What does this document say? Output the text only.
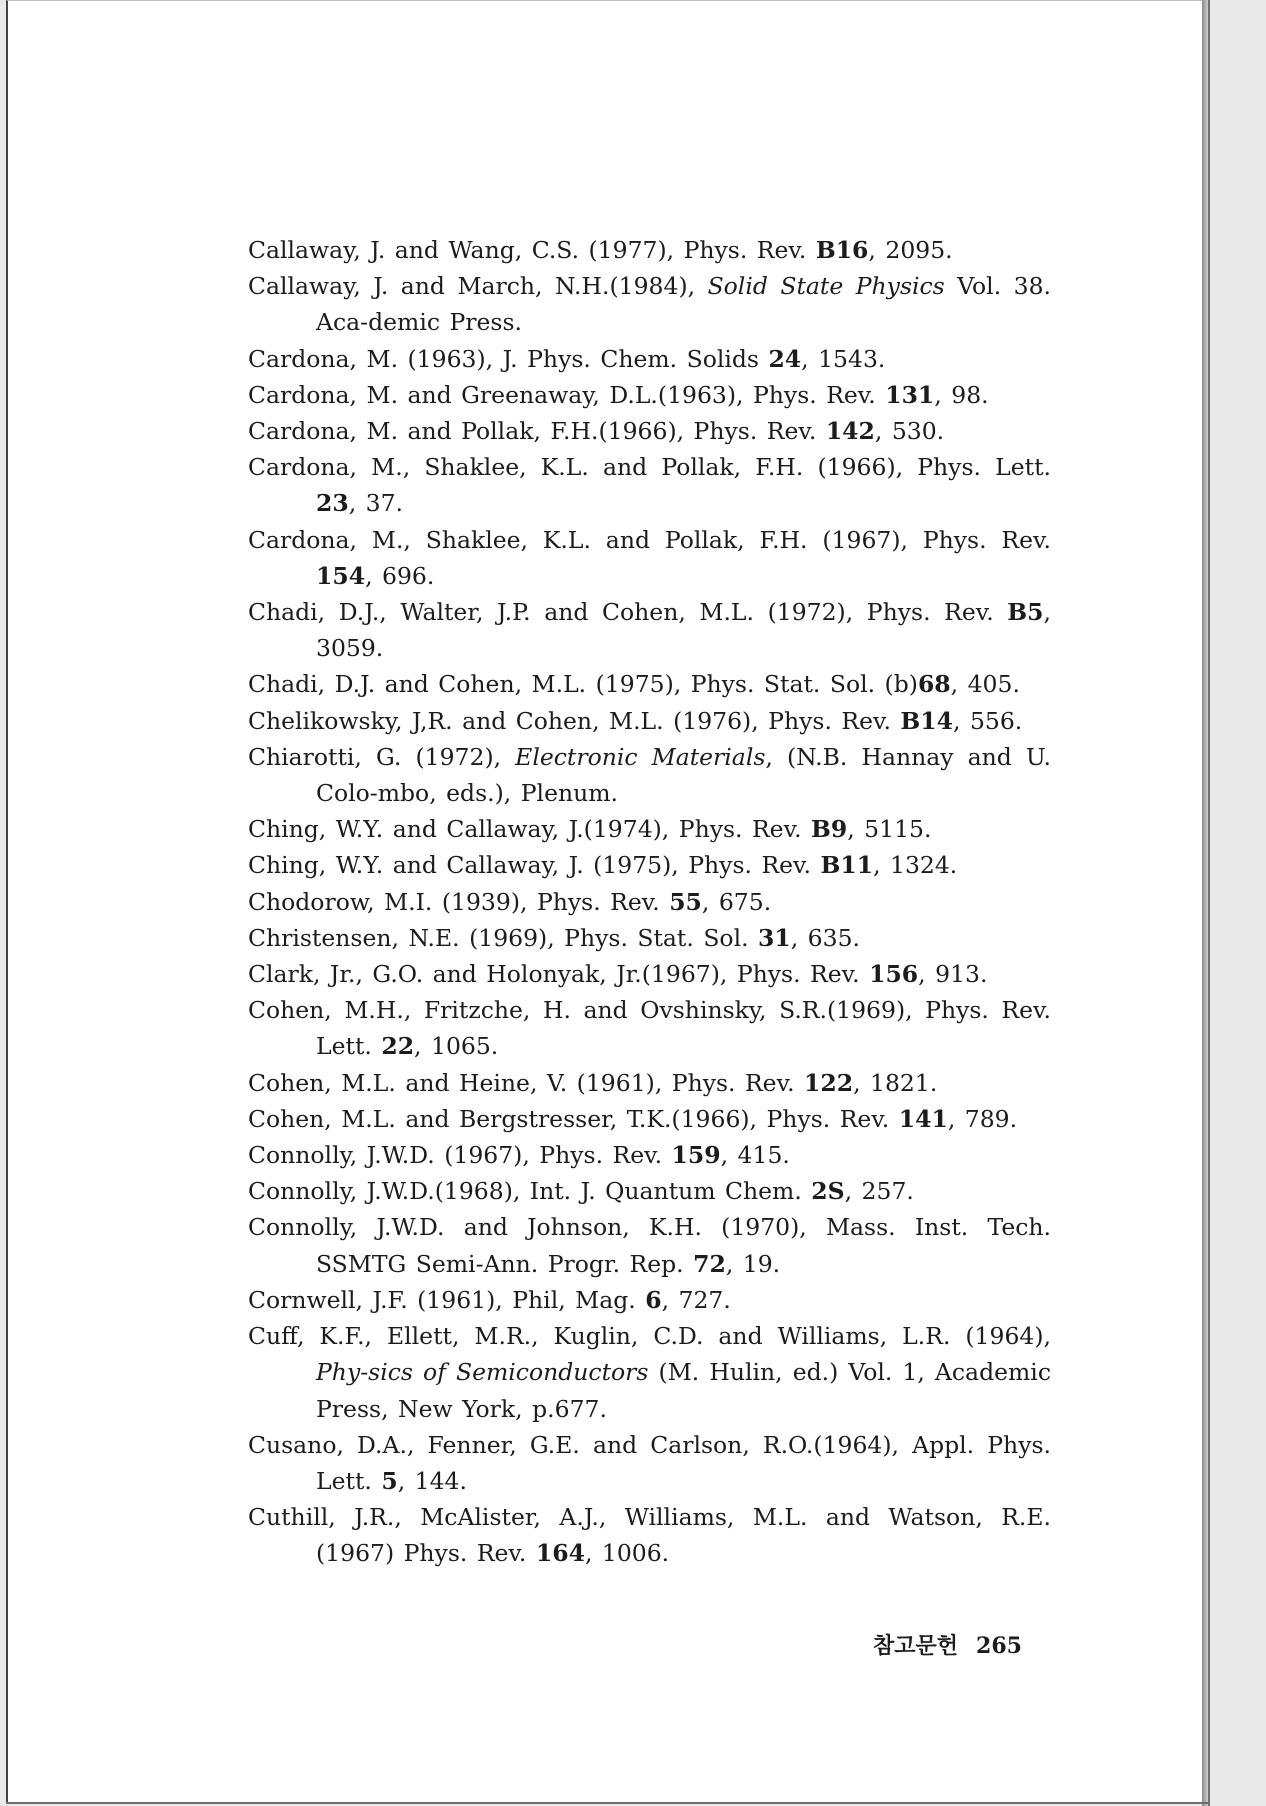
Callaway, J. and Wang, C.S. (1977), Phys. Rev. B16, 2095.
Callaway, J. and March, N.H.(1984), Solid State Physics Vol. 38. Aca-demic Press.
Cardona, M. (1963), J. Phys. Chem. Solids 24, 1543.
Cardona, M. and Greenaway, D.L.(1963), Phys. Rev. 131, 98.
Cardona, M. and Pollak, F.H.(1966), Phys. Rev. 142, 530.
Cardona, M., Shaklee, K.L. and Pollak, F.H. (1966), Phys. Lett. 23, 37.
Cardona, M., Shaklee, K.L. and Pollak, F.H. (1967), Phys. Rev. 154, 696.
Chadi, D.J., Walter, J.P. and Cohen, M.L. (1972), Phys. Rev. B5, 3059.
Chadi, D.J. and Cohen, M.L. (1975), Phys. Stat. Sol. (b)68, 405.
Chelikowsky, J,R. and Cohen, M.L. (1976), Phys. Rev. B14, 556.
Chiarotti, G. (1972), Electronic Materials, (N.B. Hannay and U. Colo-mbo, eds.), Plenum.
Ching, W.Y. and Callaway, J.(1974), Phys. Rev. B9, 5115.
Ching, W.Y. and Callaway, J. (1975), Phys. Rev. B11, 1324.
Chodorow, M.I. (1939), Phys. Rev. 55, 675.
Christensen, N.E. (1969), Phys. Stat. Sol. 31, 635.
Clark, Jr., G.O. and Holonyak, Jr.(1967), Phys. Rev. 156, 913.
Cohen, M.H., Fritzche, H. and Ovshinsky, S.R.(1969), Phys. Rev. Lett. 22, 1065.
Cohen, M.L. and Heine, V. (1961), Phys. Rev. 122, 1821.
Cohen, M.L. and Bergstresser, T.K.(1966), Phys. Rev. 141, 789.
Connolly, J.W.D. (1967), Phys. Rev. 159, 415.
Connolly, J.W.D.(1968), Int. J. Quantum Chem. 2S, 257.
Connolly, J.W.D. and Johnson, K.H. (1970), Mass. Inst. Tech. SSMTG Semi-Ann. Progr. Rep. 72, 19.
Cornwell, J.F. (1961), Phil, Mag. 6, 727.
Cuff, K.F., Ellett, M.R., Kuglin, C.D. and Williams, L.R. (1964), Phy-sics of Semiconductors (M. Hulin, ed.) Vol. 1, Academic Press, New York, p.677.
Cusano, D.A., Fenner, G.E. and Carlson, R.O.(1964), Appl. Phys. Lett. 5, 144.
Cuthill, J.R., McAlister, A.J., Williams, M.L. and Watson, R.E. (1967) Phys. Rev. 164, 1006.
참고문헌 265
